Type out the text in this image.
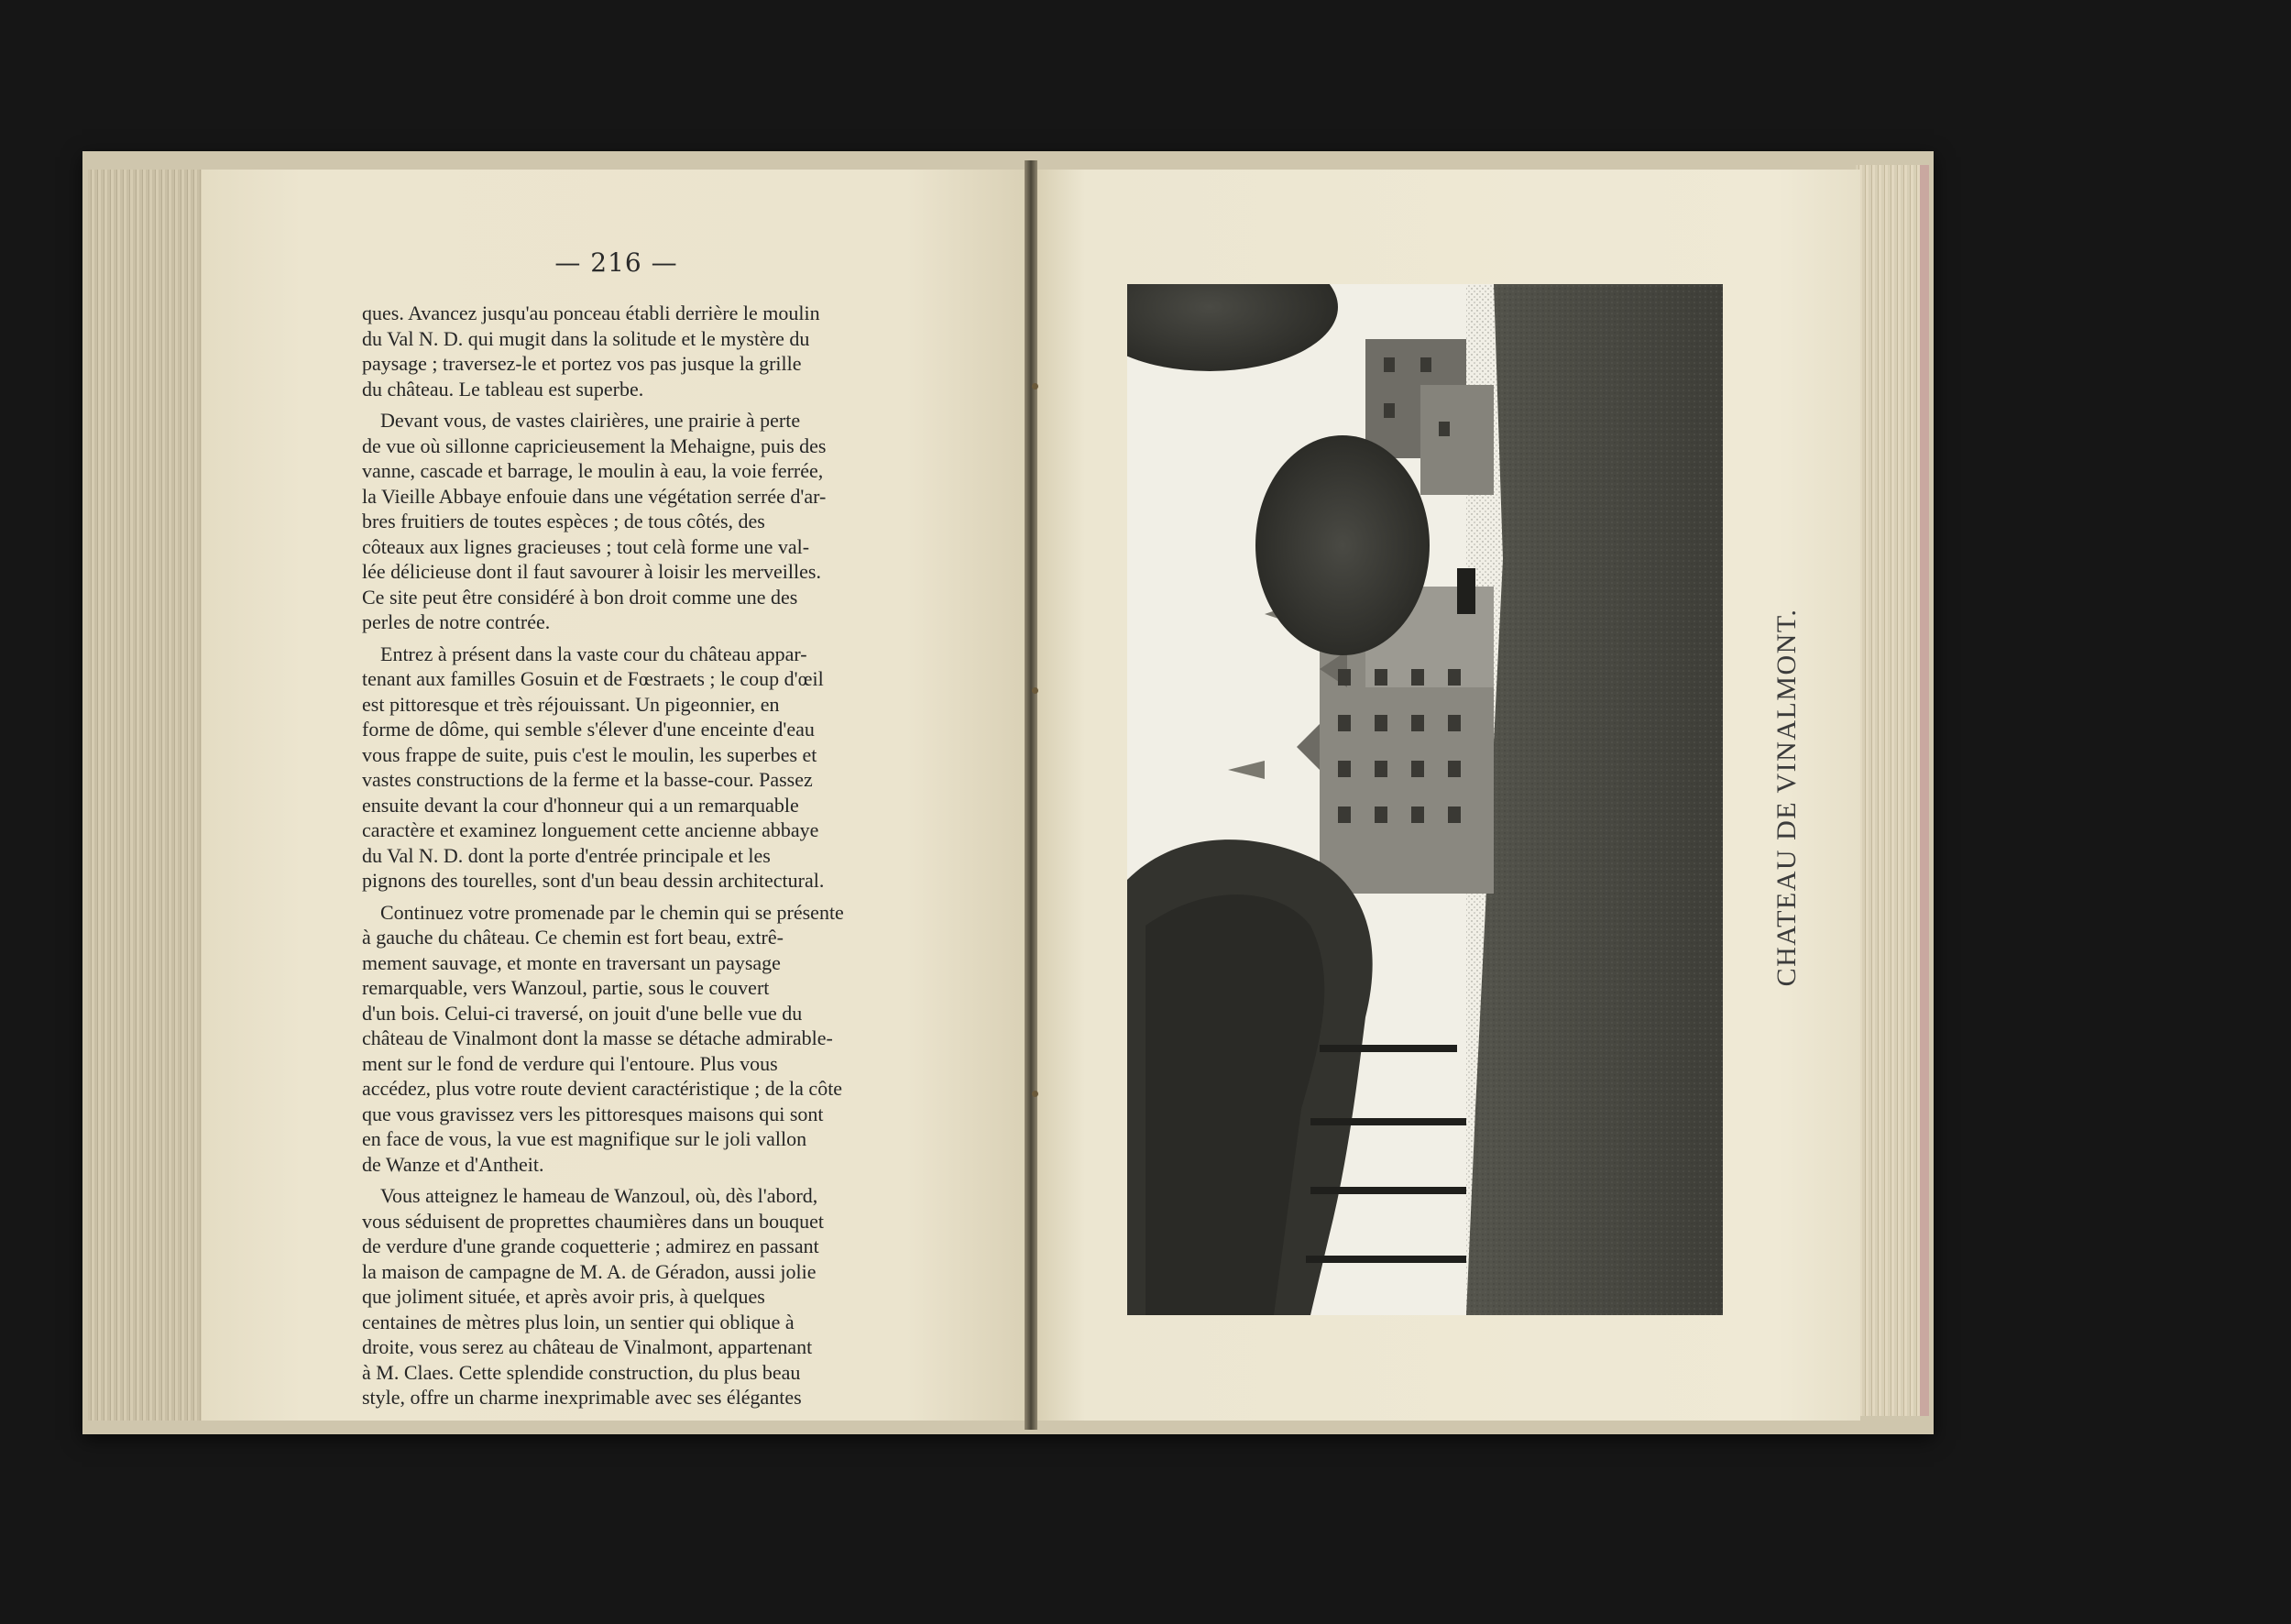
— 216 —
ques. Avancez jusqu'au ponceau établi derrière le moulin
du Val N. D. qui mugit dans la solitude et le mystère du
paysage ; traversez-le et portez vos pas jusque la grille
du château. Le tableau est superbe.
Devant vous, de vastes clairières, une prairie à perte
de vue où sillonne capricieusement la Mehaigne, puis des
vanne, cascade et barrage, le moulin à eau, la voie ferrée,
la Vieille Abbaye enfouie dans une végétation serrée d'ar-
bres fruitiers de toutes espèces ; de tous côtés, des
côteaux aux lignes gracieuses ; tout celà forme une val-
lée délicieuse dont il faut savourer à loisir les merveilles.
Ce site peut être considéré à bon droit comme une des
perles de notre contrée.
Entrez à présent dans la vaste cour du château appar-
tenant aux familles Gosuin et de Fœstraets ; le coup d'œil
est pittoresque et très réjouissant. Un pigeonnier, en
forme de dôme, qui semble s'élever d'une enceinte d'eau
vous frappe de suite, puis c'est le moulin, les superbes et
vastes constructions de la ferme et la basse-cour. Passez
ensuite devant la cour d'honneur qui a un remarquable
caractère et examinez longuement cette ancienne abbaye
du Val N. D. dont la porte d'entrée principale et les
pignons des tourelles, sont d'un beau dessin architectural.
Continuez votre promenade par le chemin qui se présente
à gauche du château. Ce chemin est fort beau, extrê-
mement sauvage, et monte en traversant un paysage
remarquable, vers Wanzoul, partie, sous le couvert
d'un bois. Celui-ci traversé, on jouit d'une belle vue du
château de Vinalmont dont la masse se détache admirable-
ment sur le fond de verdure qui l'entoure. Plus vous
accédez, plus votre route devient caractéristique ; de la côte
que vous gravissez vers les pittoresques maisons qui sont
en face de vous, la vue est magnifique sur le joli vallon
de Wanze et d'Antheit.
Vous atteignez le hameau de Wanzoul, où, dès l'abord,
vous séduisent de proprettes chaumières dans un bouquet
de verdure d'une grande coquetterie ; admirez en passant
la maison de campagne de M. A. de Géradon, aussi jolie
que joliment située, et après avoir pris, à quelques
centaines de mètres plus loin, un sentier qui oblique à
droite, vous serez au château de Vinalmont, appartenant
à M. Claes. Cette splendide construction, du plus beau
style, offre un charme inexprimable avec ses élégantes
CHATEAU DE VINALMONT.
